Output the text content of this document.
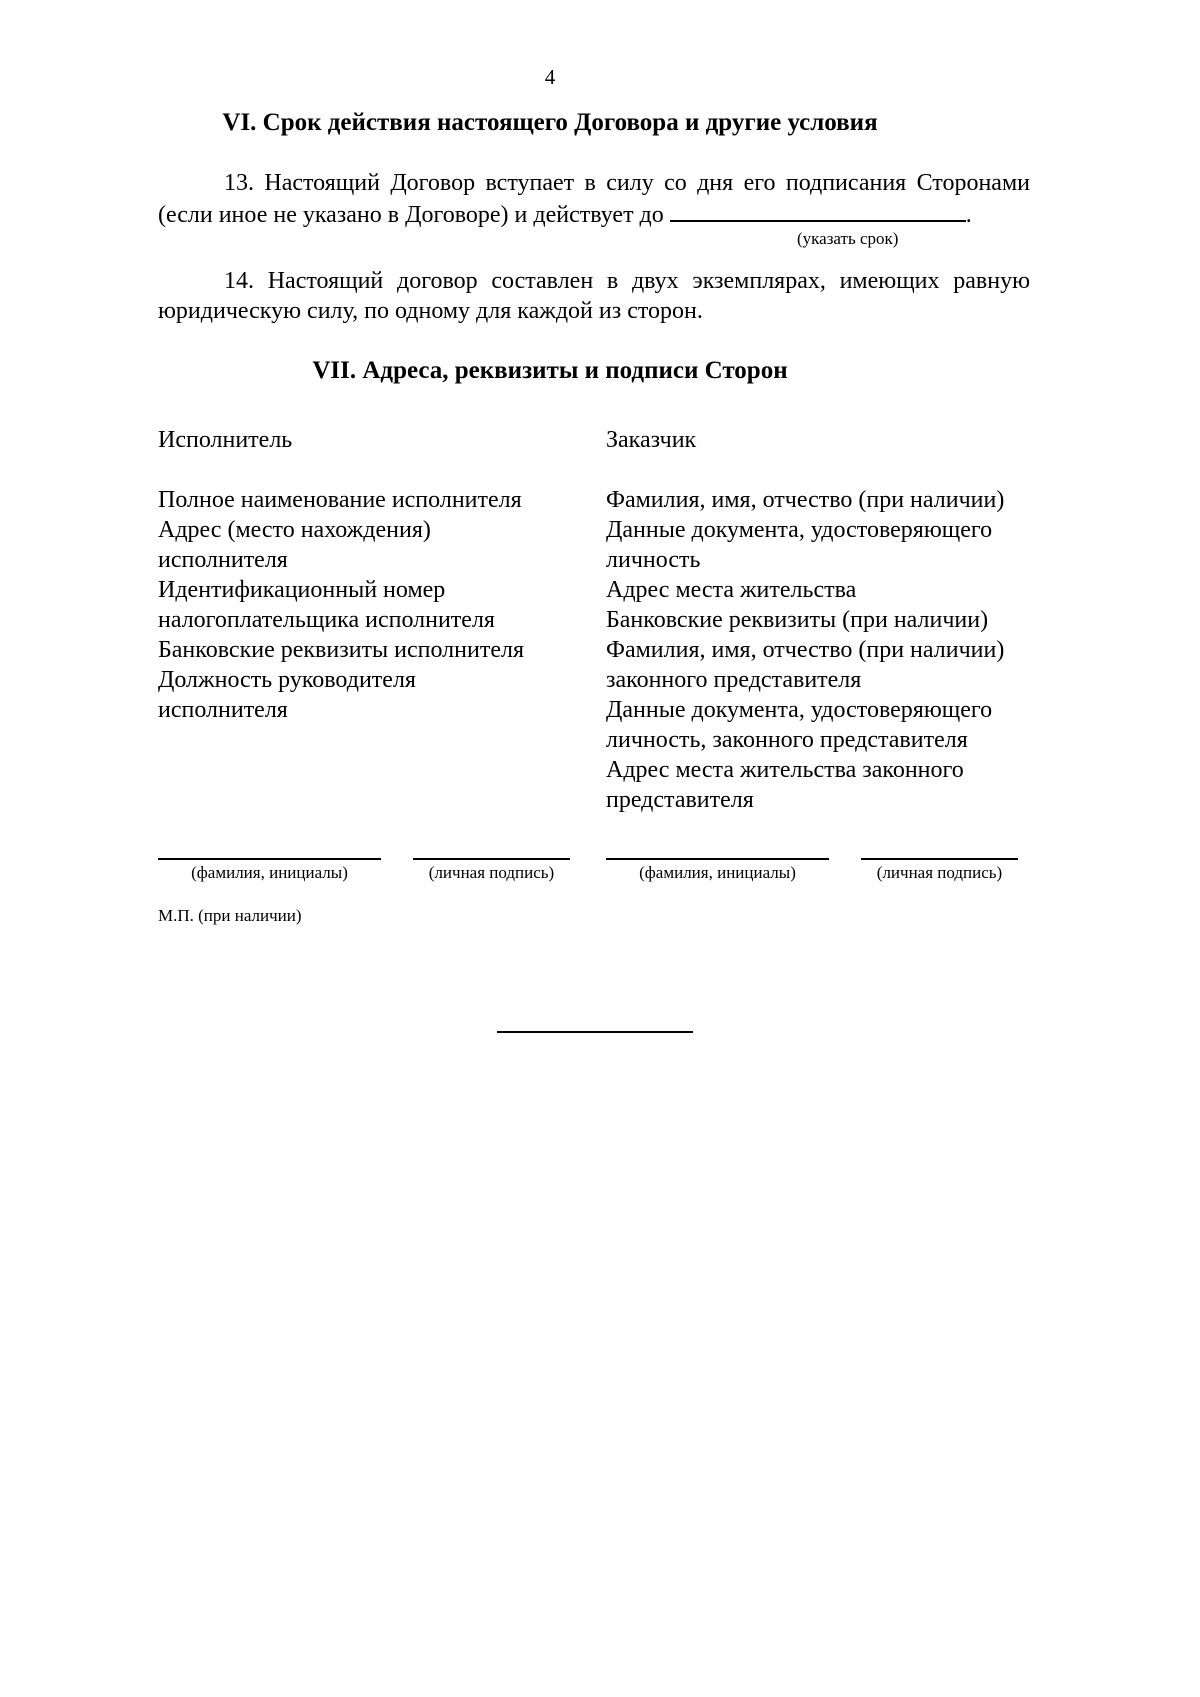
4
VI. Срок действия настоящего Договора и другие условия
13. Настоящий Договор вступает в силу со дня его подписания Сторонами
(если иное не указано в Договоре) и действует до	.
(указать срок)
14. Настоящий договор составлен в двух экземплярах, имеющих равную
юридическую силу, по одному для каждой из сторон.
VII. Адреса, реквизиты и подписи Сторон
Исполнитель	Заказчик
Полное наименование исполнителя
Адрес (место нахождения)
исполнителя
Идентификационный номер
налогоплательщика исполнителя
Банковские реквизиты исполнителя
Должность руководителя
исполнителя
Фамилия, имя, отчество (при наличии)
Данные документа, удостоверяющего
личность
Адрес места жительства
Банковские реквизиты (при наличии)
Фамилия, имя, отчество (при наличии)
законного представителя
Данные документа, удостоверяющего
личность, законного представителя
Адрес места жительства законного
представителя
(фамилия, инициалы)	(личная подпись)	(фамилия, инициалы)	(личная подпись)
М.П. (при наличии)
